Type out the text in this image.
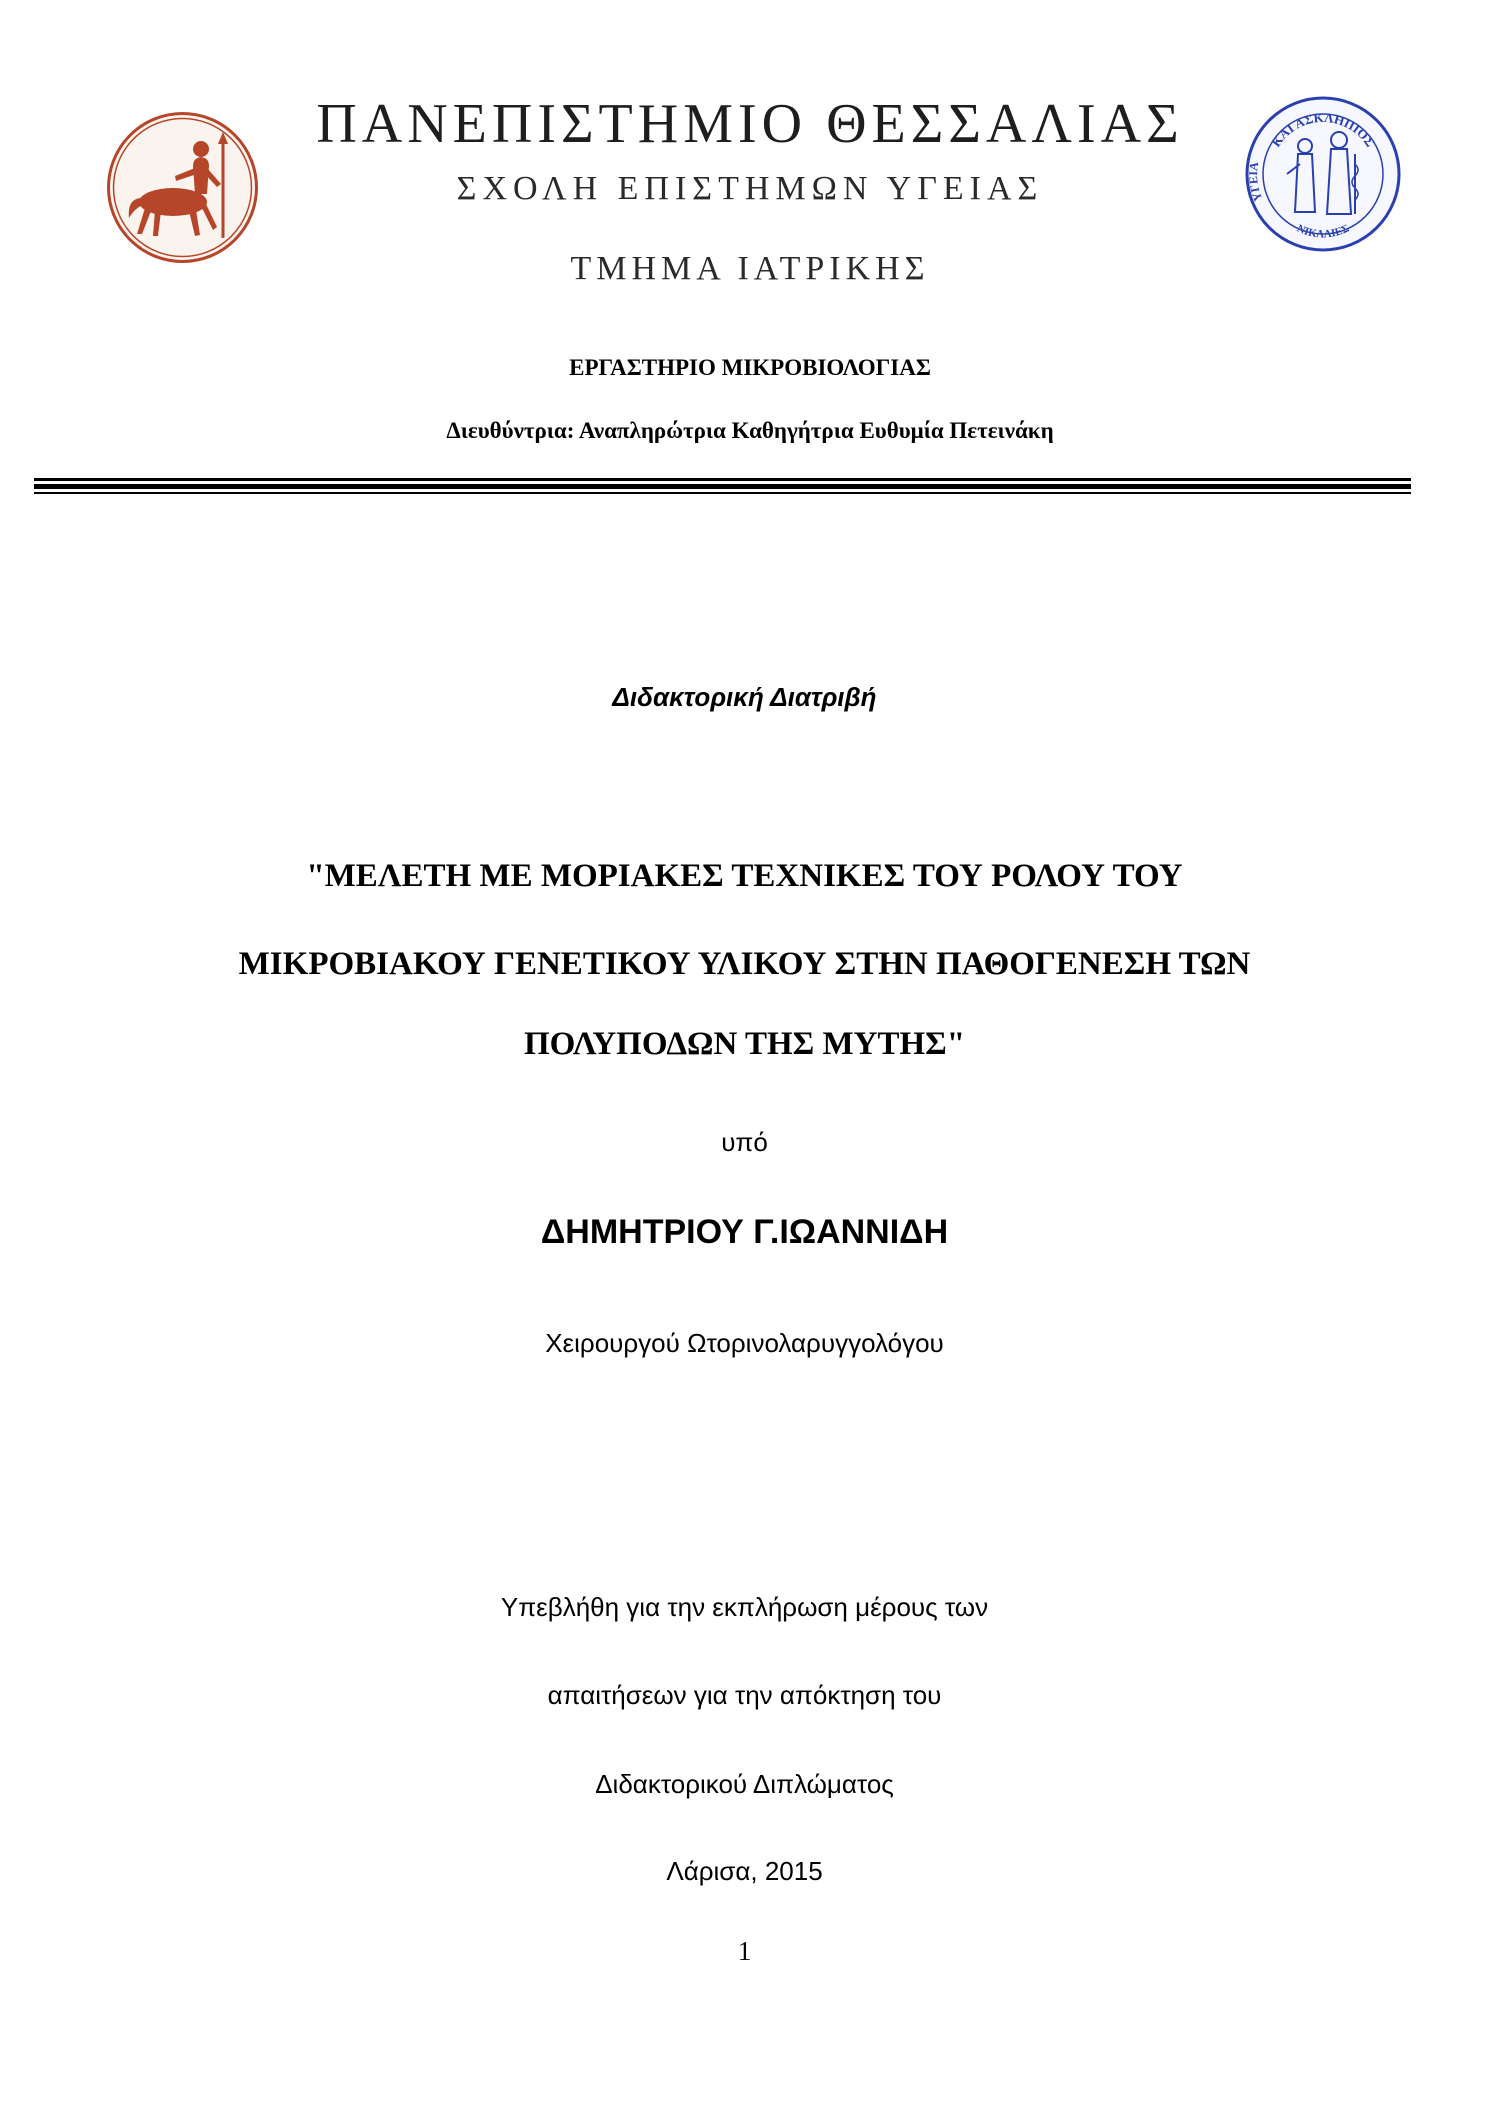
ΚΑΙ ΑΣΚΛΗΠΙΟΣ
ΥΓΕΙΑ
ΝΙΚΛΛΙΕΣ
ΠΑΝΕΠΙΣΤΗΜΙΟ ΘΕΣΣΑΛΙΑΣ
ΣΧΟΛΗ ΕΠΙΣΤΗΜΩΝ ΥΓΕΙΑΣ
ΤΜΗΜΑ ΙΑΤΡΙΚΗΣ
ΕΡΓΑΣΤΗΡΙΟ ΜΙΚΡΟΒΙΟΛΟΓΙΑΣ
Διευθύντρια: Αναπληρώτρια Καθηγήτρια Ευθυμία Πετεινάκη
Διδακτορική Διατριβή
"ΜΕΛΕΤΗ ΜΕ ΜΟΡΙΑΚΕΣ ΤΕΧΝΙΚΕΣ ΤΟΥ ΡΟΛΟΥ ΤΟΥ
ΜΙΚΡΟΒΙΑΚΟΥ ΓΕΝΕΤΙΚΟΥ ΥΛΙΚΟΥ ΣΤΗΝ ΠΑΘΟΓΕΝΕΣΗ ΤΩΝ
ΠΟΛΥΠΟΔΩΝ ΤΗΣ ΜΥΤΗΣ"
υπό
ΔΗΜΗΤΡΙΟΥ Γ.ΙΩΑΝΝΙΔΗ
Χειρουργού Ωτορινολαρυγγολόγου
Υπεβλήθη για την εκπλήρωση μέρους των
απαιτήσεων για την απόκτηση του
Διδακτορικού Διπλώματος
Λάρισα, 2015
1
